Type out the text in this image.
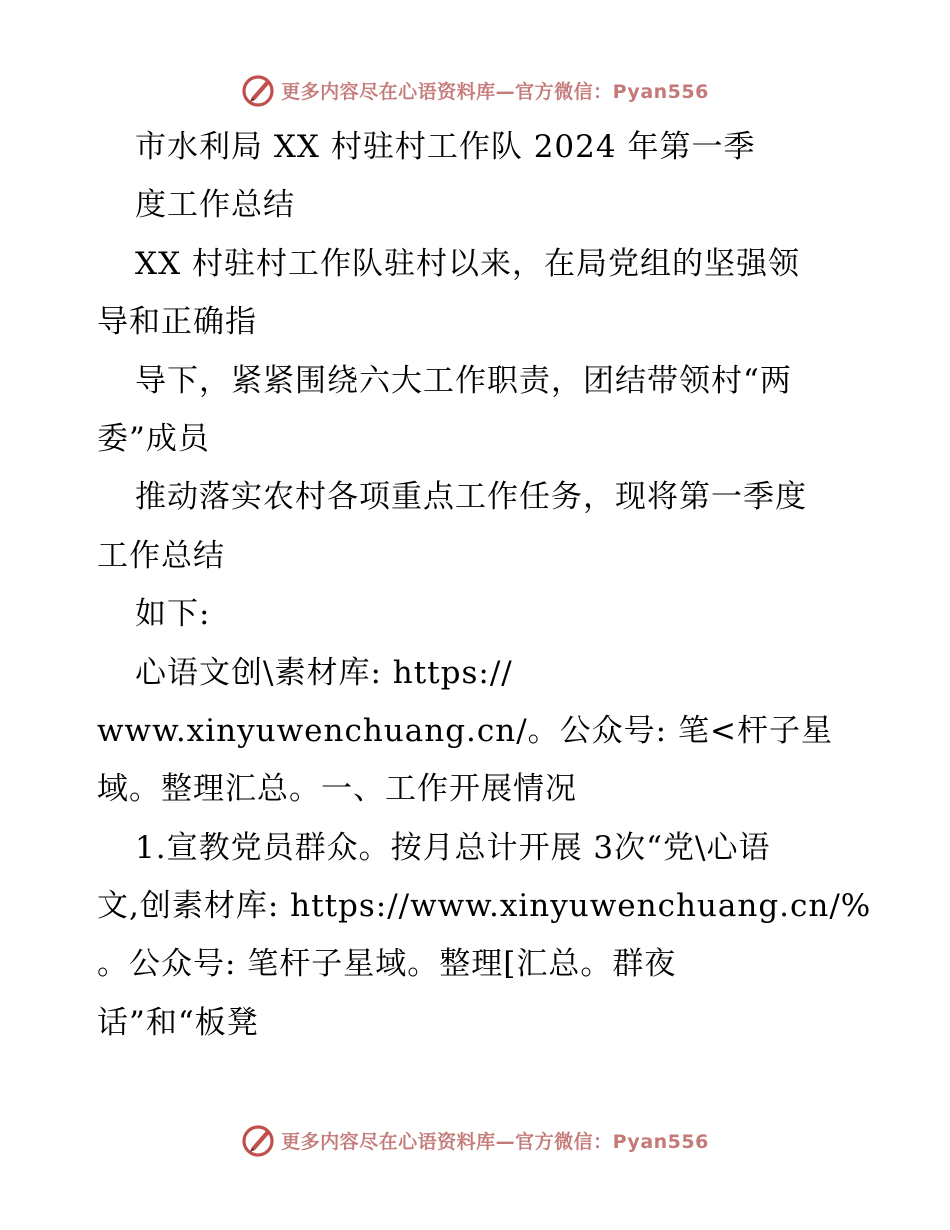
更多内容尽在心语资料库—官方微信：Pyan556
市水利局 XX 村驻村工作队 2024 年第一季
度工作总结
XX 村驻村工作队驻村以来，在局党组的坚强领
导和正确指
导下，紧紧围绕六大工作职责，团结带领村“两
委”成员
推动落实农村各项重点工作任务，现将第一季度
工作总结
如下:
心语文创\素材库: https://
www.xinyuwenchuang.cn/。公众号: 笔<杆子星
域。整理汇总。一、工作开展情况
1.宣教党员群众。按月总计开展 3次“党\心语
文,创素材库: https://www.xinyuwenchuang.cn/%
。公众号: 笔杆子星域。整理[汇总。群夜
话”和“板凳
更多内容尽在心语资料库—官方微信：Pyan556
